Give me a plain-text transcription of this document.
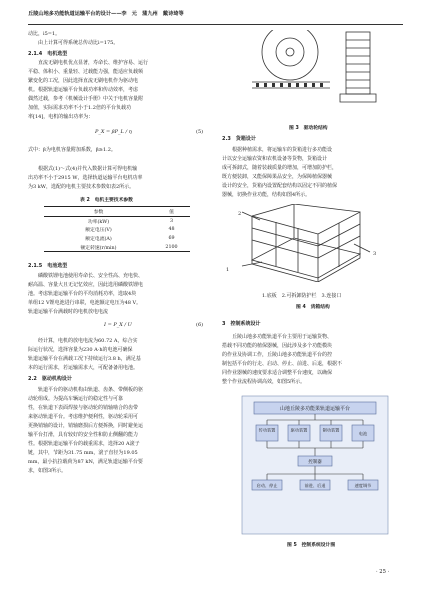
丘陵山地多功能轨道运输平台的设计——李　元　蒲九州　戴诗琦等
动比，i5=1。
　　由上计算可得系统总传动比i=175。
2.1.4　电机选型
　　直流无刷电机优点显著，寿命长、维护容易、运行
平稳、体积小、重量轻、过载能力强，能适应负载频
繁变化的工况，因此选择直流无刷电机作为驱动电
机。根据轨道运输平台负载功率和传动效率，考虑
偶然过载，参考《机械设计手册》中关于电机容量附
加值，实际需求功率不小于1.2倍的平台负载功
率[14]，电机的输出功率为：
P_X = βP_L / η	(5)
式中：β为电机容量附加系数，β≥1.2。
　　根据式(1)～式(4)并代入数据计算可得电机输
出功率不小于2915 W，选择轨道运输平台电机功率
为3 kW，选配的电机主要技术参数如表2所示。
表 2　电机主要技术参数
参数	值
功率(kW)	3
额定电压(V)	48
额定电流(A)	69
额定转速(r/min)	2100
2.1.5　电池选型
　　磷酸铁锂电池使用寿命长、安全性高、充电快、
耐高温、容量大且无记忆效应，因此选用磷酸铁锂电
池。考虑轨道运输平台的平均消耗功率，选取4块
单组12 V锂电池进行串联，电池额定电压为48 V。
轨道运输平台满载时的电机放电电流
I = P_X / U	(6)
　　经计算，电机的放电电流为60.72 A，综合实
际运行状况，选择容量为230 A·h的电池可确保
轨道运输平台在满载工况下持续运行3.8 h，满足基
本的运行需求，若运输需求大，可配备备用电池。
2.2　驱动机构设计
　　轨道平台的驱动机构由轨道、齿条、带侧板的驱
动轮组成。为提高车辆运行的稳定性与可靠
性，在轨道下表面焊接与驱动轮的销轴啮合的齿带
来驱动轨道平台。考虑维护便利性，驱动轮采用可
更换销轴的设计，销轴磨损后方便拆换，同时避免运
输平台打滑，具有较好的安全性和防止侧翻的能力
性。根据轨道运输平台的载重需求，选择20 A滚子
链，其中，节距为31.75 mm，滚子直径为19.05
mm，最小抗拉载荷为87 kN，满足轨道运输平台要
求，如图3所示。
图 3　驱动轮结构
2.3　货箱设计
　　根据种植需求，将运输车的货箱进行多功能设
计以安全运输农资和农机设备等货物，货箱设计
成可拆卸式，随着装载质量的增加，可增加防护栏，
既方便装卸，又能保障果品安全，为保障植保器械
设计的安全，货箱内设置配套结构以固定不同的植保
器械，切换作业功能，结构如图4所示。
1
2
3
1.底板　2.可拆卸防护栏　3.连接口
图 4　货箱结构
3　控制系统设计
　　丘陵山地多功能轨道平台主要用于运输货物、
搭载不同功能的植保器械，因此涉及多个功能模块
的作业及协调工作，丘陵山地多功能轨道平台的控
制包括平台的行走、启动、停止、前进、后退，根据不
同作业器械的速度要求适合调整平台速度，以确保
整个作业流程协调高效，如图5所示。
山地丘陵多功能果轨道运输平台
传动装置	驱动装置	制动装置
电池
控制器
启动、停止	前进、后退	速度调节
图 5　控制系统设计图
· 25 ·
